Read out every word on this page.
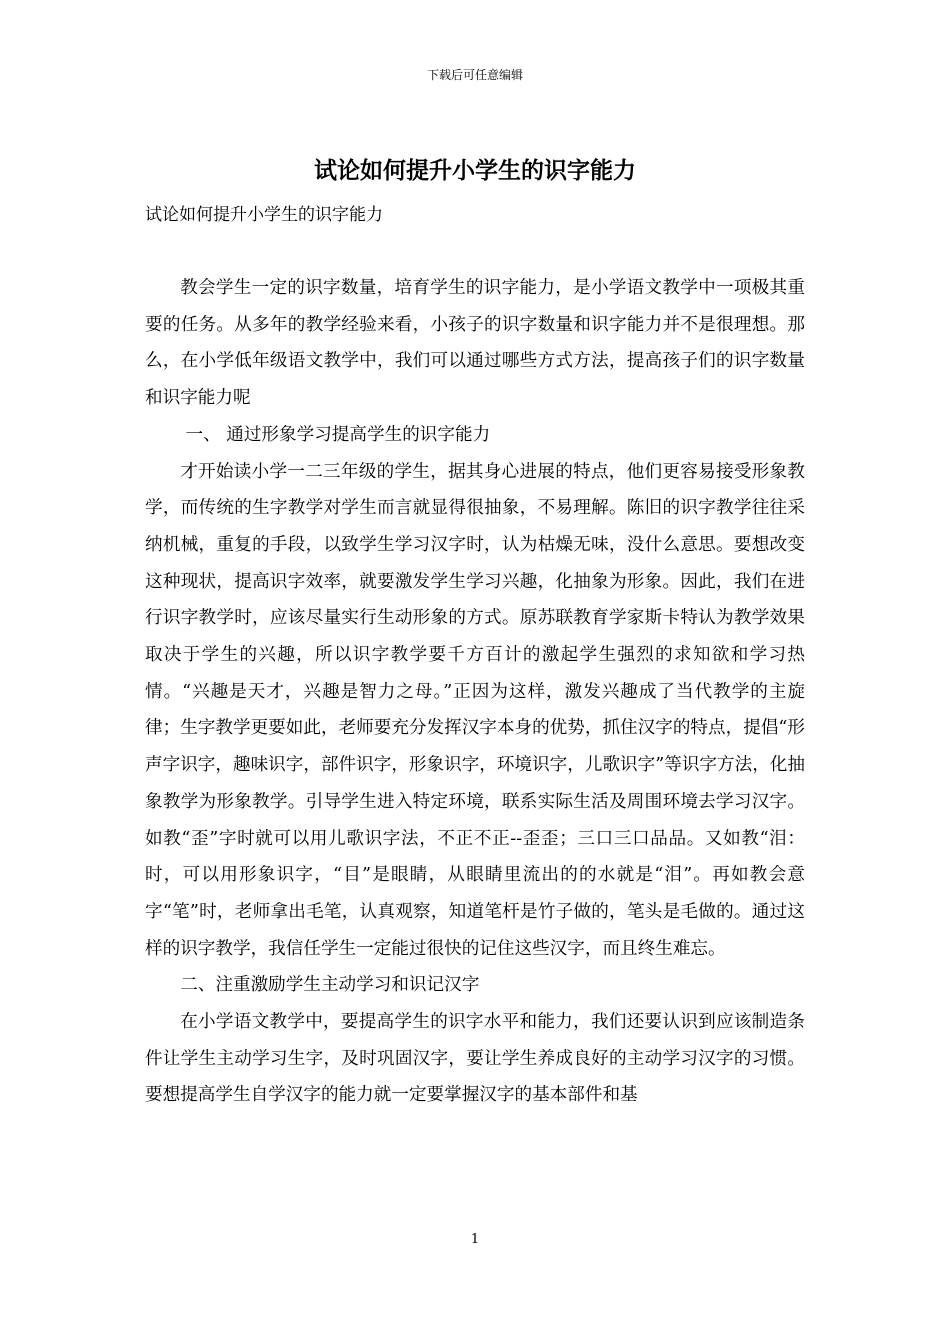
下载后可任意编辑
试论如何提升小学生的识字能力
试论如何提升小学生的识字能力

教会学生一定的识字数量，培育学生的识字能力，是小学语文教学中一项极其重要的任务。从多年的教学经验来看，小孩子的识字数量和识字能力并不是很理想。那么，在小学低年级语文教学中，我们可以通过哪些方式方法，提高孩子们的识字数量和识字能力呢

一、 通过形象学习提高学生的识字能力

才开始读小学一二三年级的学生，据其身心进展的特点，他们更容易接受形象教学，而传统的生字教学对学生而言就显得很抽象，不易理解。陈旧的识字教学往往采纳机械，重复的手段，以致学生学习汉字时，认为枯燥无味，没什么意思。要想改变这种现状，提高识字效率，就要激发学生学习兴趣，化抽象为形象。因此，我们在进行识字教学时，应该尽量实行生动形象的方式。原苏联教育学家斯卡特认为教学效果取决于学生的兴趣，所以识字教学要千方百计的激起学生强烈的求知欲和学习热情。“兴趣是天才，兴趣是智力之母。”正因为这样，激发兴趣成了当代教学的主旋律；生字教学更要如此，老师要充分发挥汉字本身的优势，抓住汉字的特点，提倡“形声字识字，趣味识字，部件识字，形象识字，环境识字，儿歌识字”等识字方法，化抽象教学为形象教学。引导学生进入特定环境，联系实际生活及周围环境去学习汉字。如教“歪”字时就可以用儿歌识字法，不正不正--歪歪；三口三口品品。又如教“泪：时，可以用形象识字，“目”是眼睛，从眼睛里流出的的水就是“泪”。再如教会意字“笔”时，老师拿出毛笔，认真观察，知道笔杆是竹子做的，笔头是毛做的。通过这样的识字教学，我信任学生一定能过很快的记住这些汉字，而且终生难忘。

二、注重激励学生主动学习和识记汉字

在小学语文教学中，要提高学生的识字水平和能力，我们还要认识到应该制造条件让学生主动学习生字，及时巩固汉字，要让学生养成良好的主动学习汉字的习惯。要想提高学生自学汉字的能力就一定要掌握汉字的基本部件和基

1
